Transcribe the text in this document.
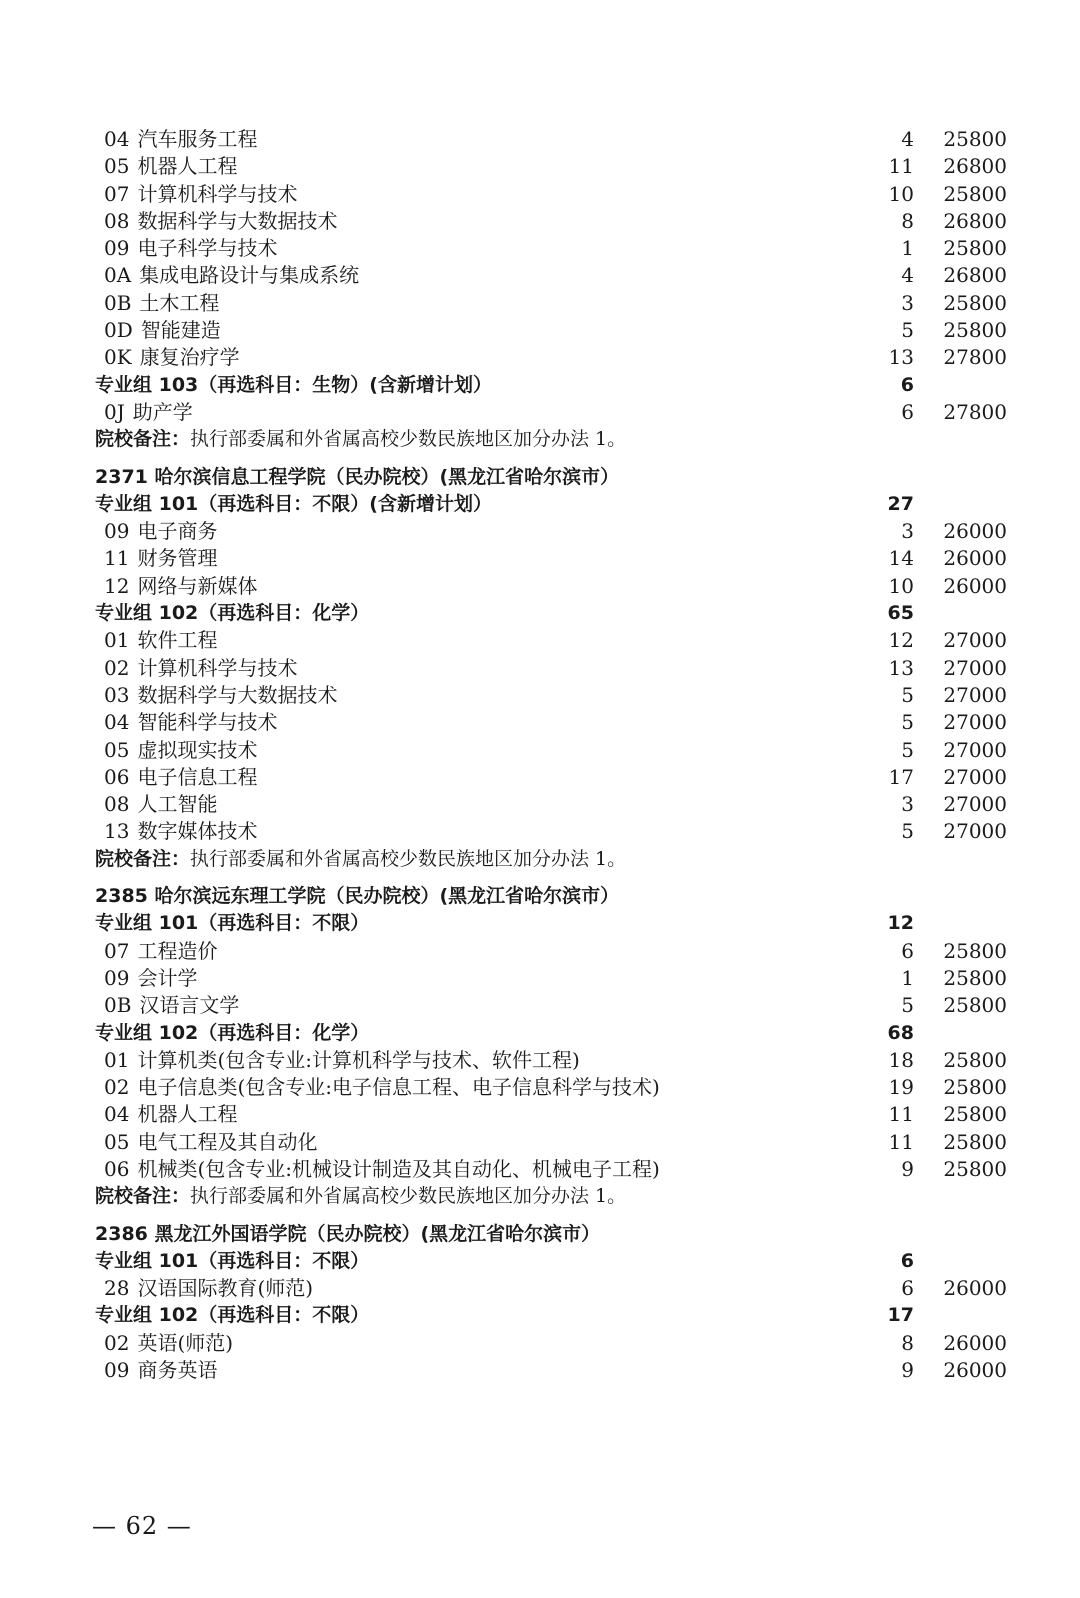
04 汽车服务工程	4 25800
05 机器人工程	11 26800
07 计算机科学与技术	10 25800
08 数据科学与大数据技术	8 26800
09 电子科学与技术	1 25800
0A 集成电路设计与集成系统	4 26800
0B 土木工程	3 25800
0D 智能建造	5 25800
0K 康复治疗学	13 27800
专业组 103（再选科目：生物）(含新增计划）	6
0J 助产学	6 27800
院校备注：执行部委属和外省属高校少数民族地区加分办法 1。
2371 哈尔滨信息工程学院（民办院校）(黑龙江省哈尔滨市）
专业组 101（再选科目：不限）(含新增计划）	27
09 电子商务	3 26000
11 财务管理	14 26000
12 网络与新媒体	10 26000
专业组 102（再选科目：化学）	65
01 软件工程	12 27000
02 计算机科学与技术	13 27000
03 数据科学与大数据技术	5 27000
04 智能科学与技术	5 27000
05 虚拟现实技术	5 27000
06 电子信息工程	17 27000
08 人工智能	3 27000
13 数字媒体技术	5 27000
院校备注：执行部委属和外省属高校少数民族地区加分办法 1。
2385 哈尔滨远东理工学院（民办院校）(黑龙江省哈尔滨市）
专业组 101（再选科目：不限）	12
07 工程造价	6 25800
09 会计学	1 25800
0B 汉语言文学	5 25800
专业组 102（再选科目：化学）	68
01 计算机类(包含专业:计算机科学与技术、软件工程)	18 25800
02 电子信息类(包含专业:电子信息工程、电子信息科学与技术)	19 25800
04 机器人工程	11 25800
05 电气工程及其自动化	11 25800
06 机械类(包含专业:机械设计制造及其自动化、机械电子工程)	9 25800
院校备注：执行部委属和外省属高校少数民族地区加分办法 1。
2386 黑龙江外国语学院（民办院校）(黑龙江省哈尔滨市）
专业组 101（再选科目：不限）	6
28 汉语国际教育(师范)	6 26000
专业组 102（再选科目：不限）	17
02 英语(师范)	8 26000
09 商务英语	9 26000
— 62 —
